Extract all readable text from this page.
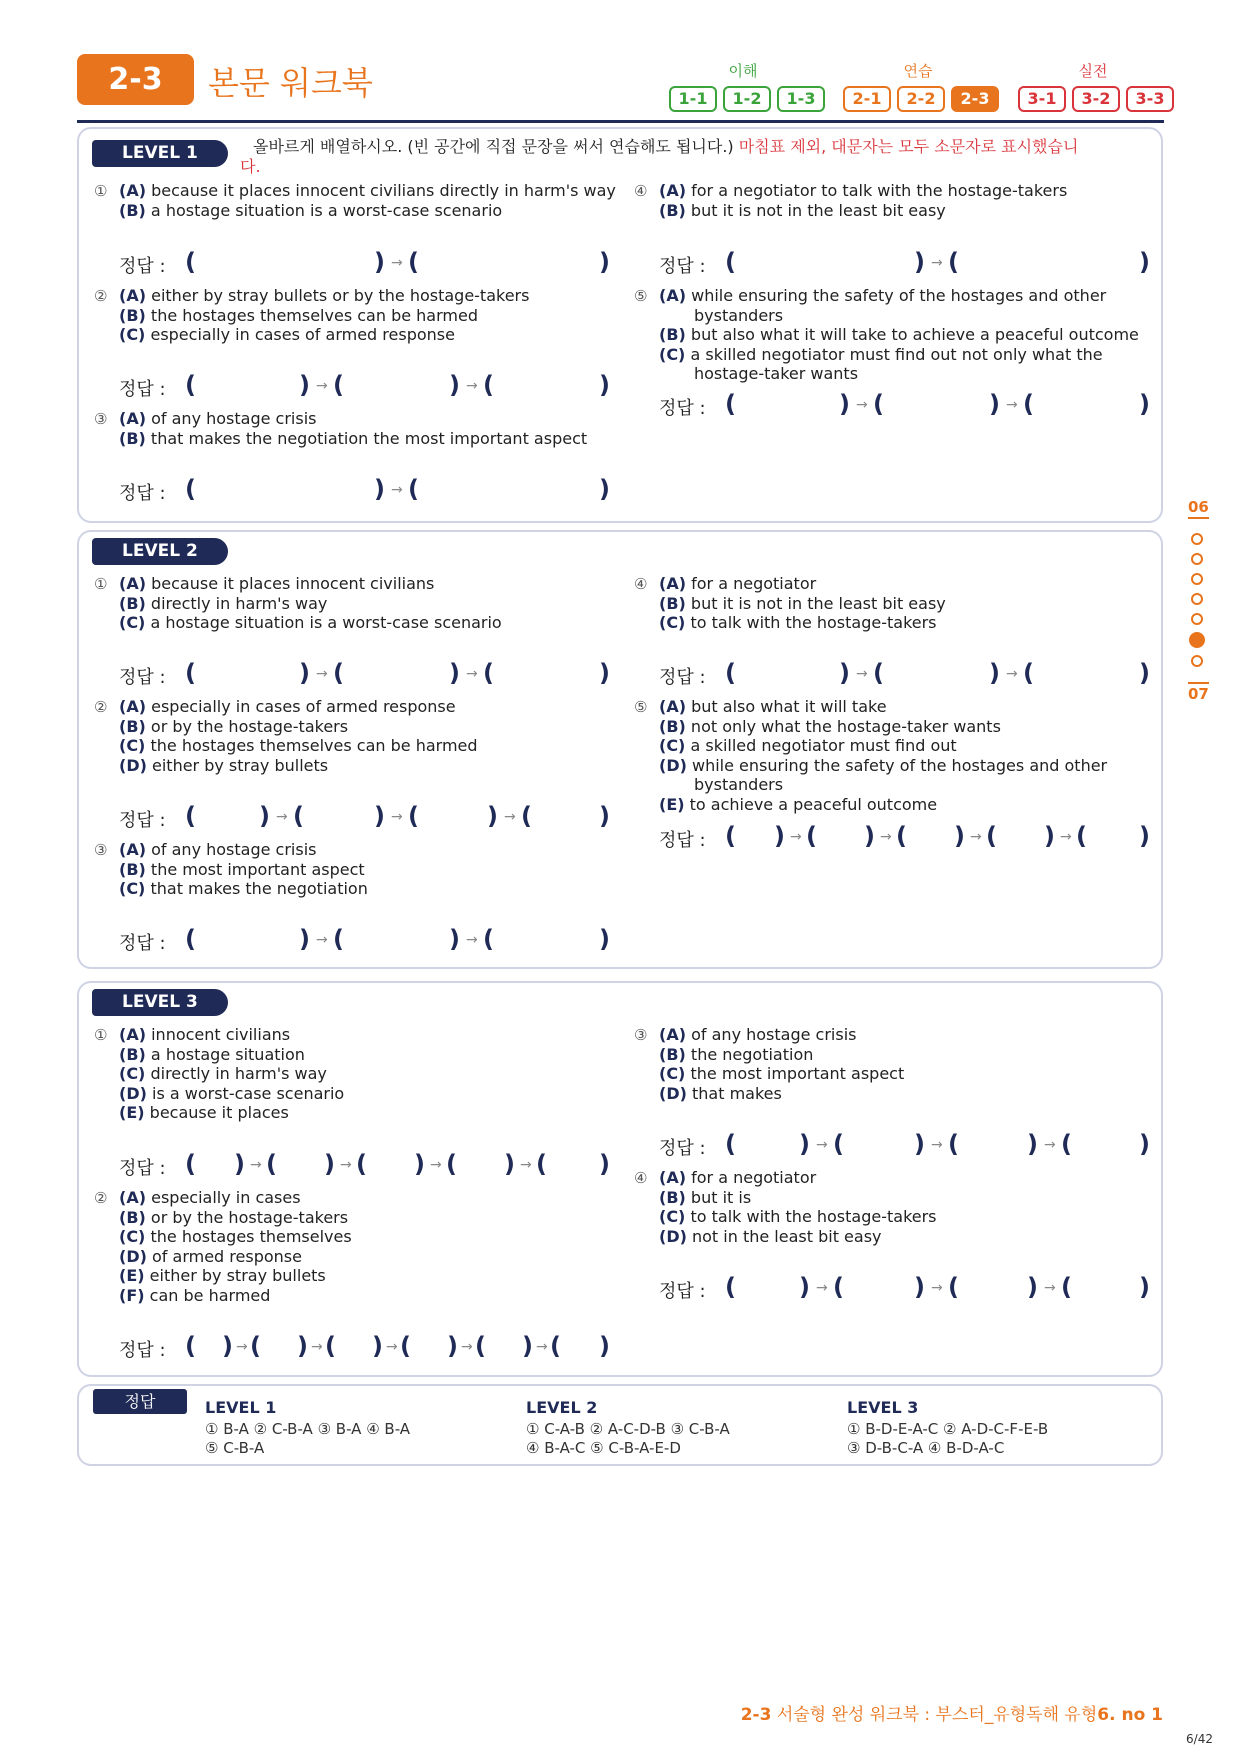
2-3	본문 워크북	이해	연습	실전
1-1	1-2	1-3	2-1	2-2	2-3	3-1	3-2	3-3
LEVEL 1	올바르게 배열하시오. (빈 공간에 직접 문장을 써서 연습해도 됩니다.) 마침표 제외, 대문자는 모두 소문자로 표시했습니
다.
① (A) because it places innocent civilians directly in harm's way
(B) a hostage situation is a worst-case scenario
정답 : (	) → (	)
② (A) either by stray bullets or by the hostage-takers
(B) the hostages themselves can be harmed
(C) especially in cases of armed response
정답 : (	) → (	) → (	)
③ (A) of any hostage crisis
(B) that makes the negotiation the most important aspect
정답 : (	) → (	)
④ (A) for a negotiator to talk with the hostage-takers
(B) but it is not in the least bit easy
정답 : (	) → (	)
⑤ (A) while ensuring the safety of the hostages and other
bystanders
(B) but also what it will take to achieve a peaceful outcome
(C) a skilled negotiator must find out not only what the
hostage-taker wants
정답 : (	) → (	) → (	)
LEVEL 2
① (A) because it places innocent civilians
(B) directly in harm's way
(C) a hostage situation is a worst-case scenario
정답 : (	) → (	) → (	)
② (A) especially in cases of armed response
(B) or by the hostage-takers
(C) the hostages themselves can be harmed
(D) either by stray bullets
정답 : (	) → (	) → (	) → (	)
③ (A) of any hostage crisis
(B) the most important aspect
(C) that makes the negotiation
정답 : (	) → (	) → (	)
④ (A) for a negotiator
(B) but it is not in the least bit easy
(C) to talk with the hostage-takers
정답 : (	) → (	) → (	)
⑤ (A) but also what it will take
(B) not only what the hostage-taker wants
(C) a skilled negotiator must find out
(D) while ensuring the safety of the hostages and other
bystanders
(E) to achieve a peaceful outcome
정답 : ( ) → ( ) → ( ) → ( ) → ( )
LEVEL 3
① (A) innocent civilians
(B) a hostage situation
(C) directly in harm's way
(D) is a worst-case scenario
(E) because it places
정답 : ( ) → ( ) → ( ) → ( ) → ( )
② (A) especially in cases
(B) or by the hostage-takers
(C) the hostages themselves
(D) of armed response
(E) either by stray bullets
(F) can be harmed
정답 : ( ) → ( ) → ( ) → ( ) → ( ) → ( )
③ (A) of any hostage crisis
(B) the negotiation
(C) the most important aspect
(D) that makes
정답 : (	) → (	) → (	) → (	)
④ (A) for a negotiator
(B) but it is
(C) to talk with the hostage-takers
(D) not in the least bit easy
정답 : (	) → (	) → (	) → (	)
정답	LEVEL 1
① B-A ② C-B-A ③ B-A ④ B-A
⑤ C-B-A
LEVEL 2
① C-A-B ② A-C-D-B ③ C-B-A
④ B-A-C ⑤ C-B-A-E-D
LEVEL 3
① B-D-E-A-C ② A-D-C-F-E-B
③ D-B-C-A ④ B-D-A-C
06
07
2-3 서술형 완성 워크북 : 부스터_유형독해 유형6. no 1
6/42
